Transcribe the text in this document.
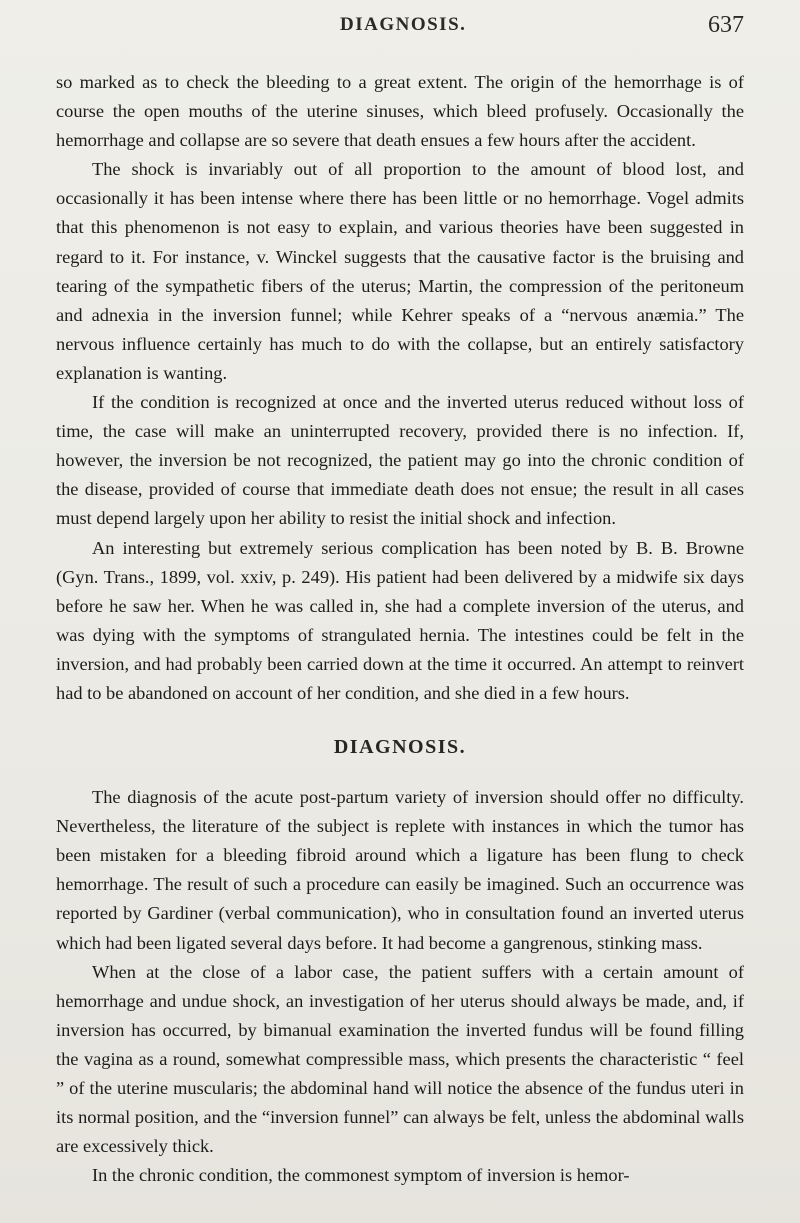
DIAGNOSIS.	637

so marked as to check the bleeding to a great extent. The origin of the hemorrhage is of course the open mouths of the uterine sinuses, which bleed profusely. Occasionally the hemorrhage and collapse are so severe that death ensues a few hours after the accident.

The shock is invariably out of all proportion to the amount of blood lost, and occasionally it has been intense where there has been little or no hemorrhage. Vogel admits that this phenomenon is not easy to explain, and various theories have been suggested in regard to it. For instance, v. Winckel suggests that the causative factor is the bruising and tearing of the sympathetic fibers of the uterus; Martin, the compression of the peritoneum and adnexia in the inversion funnel; while Kehrer speaks of a “nervous anæmia.” The nervous influence certainly has much to do with the collapse, but an entirely satisfactory explanation is wanting.

If the condition is recognized at once and the inverted uterus reduced without loss of time, the case will make an uninterrupted recovery, provided there is no infection. If, however, the inversion be not recognized, the patient may go into the chronic condition of the disease, provided of course that immediate death does not ensue; the result in all cases must depend largely upon her ability to resist the initial shock and infection.

An interesting but extremely serious complication has been noted by B. B. Browne (Gyn. Trans., 1899, vol. xxiv, p. 249). His patient had been delivered by a midwife six days before he saw her. When he was called in, she had a complete inversion of the uterus, and was dying with the symptoms of strangulated hernia. The intestines could be felt in the inversion, and had probably been carried down at the time it occurred. An attempt to reinvert had to be abandoned on account of her condition, and she died in a few hours.

DIAGNOSIS.

The diagnosis of the acute post-partum variety of inversion should offer no difficulty. Nevertheless, the literature of the subject is replete with instances in which the tumor has been mistaken for a bleeding fibroid around which a ligature has been flung to check hemorrhage. The result of such a procedure can easily be imagined. Such an occurrence was reported by Gardiner (verbal communication), who in consultation found an inverted uterus which had been ligated several days before. It had become a gangrenous, stinking mass.

When at the close of a labor case, the patient suffers with a certain amount of hemorrhage and undue shock, an investigation of her uterus should always be made, and, if inversion has occurred, by bimanual examination the inverted fundus will be found filling the vagina as a round, somewhat compressible mass, which presents the characteristic “ feel ” of the uterine muscularis; the abdominal hand will notice the absence of the fundus uteri in its normal position, and the “inversion funnel” can always be felt, unless the abdominal walls are excessively thick.

In the chronic condition, the commonest symptom of inversion is hemor-
